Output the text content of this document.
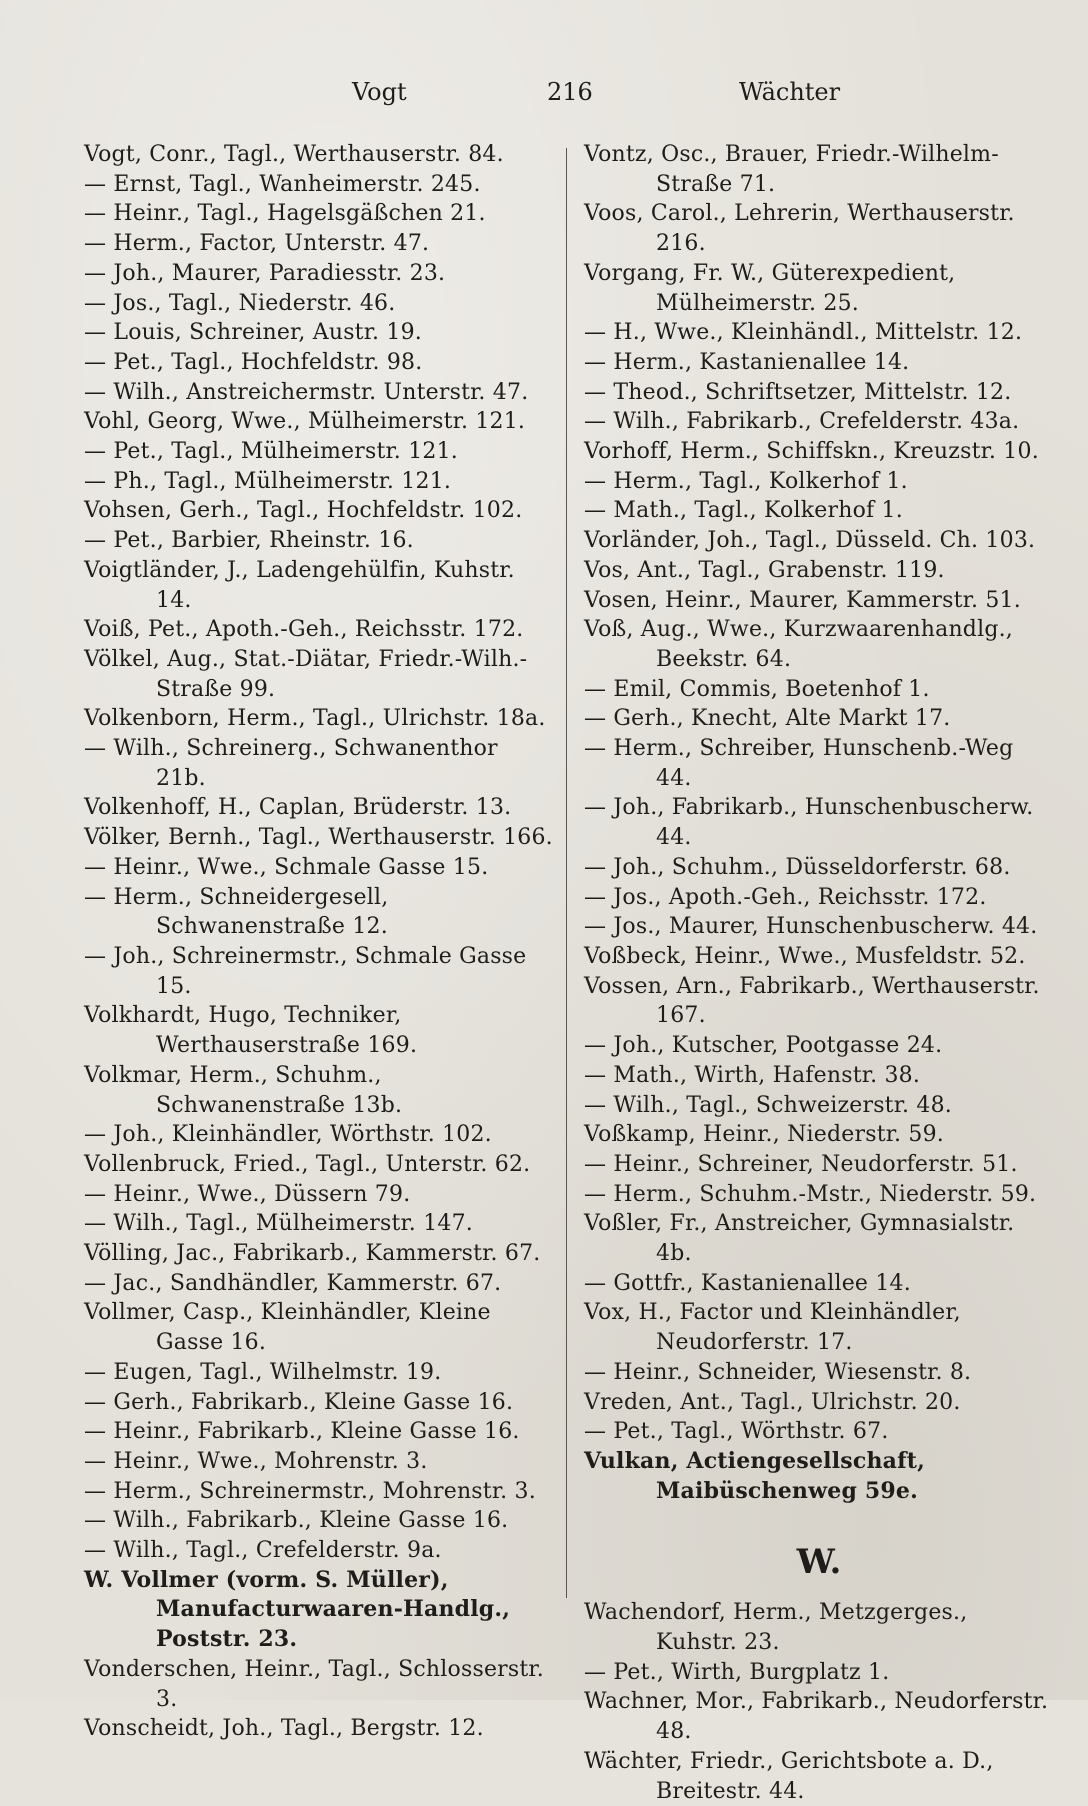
Vogt	216	Wächter

Vogt, Conr., Tagl., Werthauserstr. 84.

— Ernst, Tagl., Wanheimerstr. 245.

— Heinr., Tagl., Hagelsgäßchen 21.

— Herm., Factor, Unterstr. 47.

— Joh., Maurer, Paradiesstr. 23.

— Jos., Tagl., Niederstr. 46.

— Louis, Schreiner, Austr. 19.

— Pet., Tagl., Hochfeldstr. 98.

— Wilh., Anstreichermstr. Unterstr. 47.

Vohl, Georg, Wwe., Mülheimerstr. 121.

— Pet., Tagl., Mülheimerstr. 121.

— Ph., Tagl., Mülheimerstr. 121.

Vohsen, Gerh., Tagl., Hochfeldstr. 102.

— Pet., Barbier, Rheinstr. 16.

Voigtländer, J., Ladengehülfin, Kuhstr. 14.

Voiß, Pet., Apoth.-Geh., Reichsstr. 172.

Völkel, Aug., Stat.-Diätar, Friedr.-Wilh.-Straße 99.

Volkenborn, Herm., Tagl., Ulrichstr. 18a.

— Wilh., Schreinerg., Schwanenthor 21b.

Volkenhoff, H., Caplan, Brüderstr. 13.

Völker, Bernh., Tagl., Werthauserstr. 166.

— Heinr., Wwe., Schmale Gasse 15.

— Herm., Schneidergesell, Schwanenstraße 12.

— Joh., Schreinermstr., Schmale Gasse 15.

Volkhardt, Hugo, Techniker, Werthauserstraße 169.

Volkmar, Herm., Schuhm., Schwanenstraße 13b.

— Joh., Kleinhändler, Wörthstr. 102.

Vollenbruck, Fried., Tagl., Unterstr. 62.

— Heinr., Wwe., Düssern 79.

— Wilh., Tagl., Mülheimerstr. 147.

Völling, Jac., Fabrikarb., Kammerstr. 67.

— Jac., Sandhändler, Kammerstr. 67.

Vollmer, Casp., Kleinhändler, Kleine Gasse 16.

— Eugen, Tagl., Wilhelmstr. 19.

— Gerh., Fabrikarb., Kleine Gasse 16.

— Heinr., Fabrikarb., Kleine Gasse 16.

— Heinr., Wwe., Mohrenstr. 3.

— Herm., Schreinermstr., Mohrenstr. 3.

— Wilh., Fabrikarb., Kleine Gasse 16.

— Wilh., Tagl., Crefelderstr. 9a.

W. Vollmer (vorm. S. Müller), Manufacturwaaren-Handlg., Poststr. 23.

Vonderschen, Heinr., Tagl., Schlosserstr. 3.

Vonscheidt, Joh., Tagl., Bergstr. 12.

Vontz, Osc., Brauer, Friedr.-Wilhelm-Straße 71.

Voos, Carol., Lehrerin, Werthauserstr. 216.

Vorgang, Fr. W., Güterexpedient, Mülheimerstr. 25.

— H., Wwe., Kleinhändl., Mittelstr. 12.

— Herm., Kastanienallee 14.

— Theod., Schriftsetzer, Mittelstr. 12.

— Wilh., Fabrikarb., Crefelderstr. 43a.

Vorhoff, Herm., Schiffskn., Kreuzstr. 10.

— Herm., Tagl., Kolkerhof 1.

— Math., Tagl., Kolkerhof 1.

Vorländer, Joh., Tagl., Düsseld. Ch. 103.

Vos, Ant., Tagl., Grabenstr. 119.

Vosen, Heinr., Maurer, Kammerstr. 51.

Voß, Aug., Wwe., Kurzwaarenhandlg., Beekstr. 64.

— Emil, Commis, Boetenhof 1.

— Gerh., Knecht, Alte Markt 17.

— Herm., Schreiber, Hunschenb.-Weg 44.

— Joh., Fabrikarb., Hunschenbuscherw. 44.

— Joh., Schuhm., Düsseldorferstr. 68.

— Jos., Apoth.-Geh., Reichsstr. 172.

— Jos., Maurer, Hunschenbuscherw. 44.

Voßbeck, Heinr., Wwe., Musfeldstr. 52.

Vossen, Arn., Fabrikarb., Werthauserstr. 167.

— Joh., Kutscher, Pootgasse 24.

— Math., Wirth, Hafenstr. 38.

— Wilh., Tagl., Schweizerstr. 48.

Voßkamp, Heinr., Niederstr. 59.

— Heinr., Schreiner, Neudorferstr. 51.

— Herm., Schuhm.-Mstr., Niederstr. 59.

Voßler, Fr., Anstreicher, Gymnasialstr. 4b.

— Gottfr., Kastanienallee 14.

Vox, H., Factor und Kleinhändler, Neudorferstr. 17.

— Heinr., Schneider, Wiesenstr. 8.

Vreden, Ant., Tagl., Ulrichstr. 20.

— Pet., Tagl., Wörthstr. 67.

Vulkan, Actiengesellschaft, Maibüschenweg 59e.

W.

Wachendorf, Herm., Metzgerges., Kuhstr. 23.

— Pet., Wirth, Burgplatz 1.

Wachner, Mor., Fabrikarb., Neudorferstr. 48.

Wächter, Friedr., Gerichtsbote a. D., Breitestr. 44.
